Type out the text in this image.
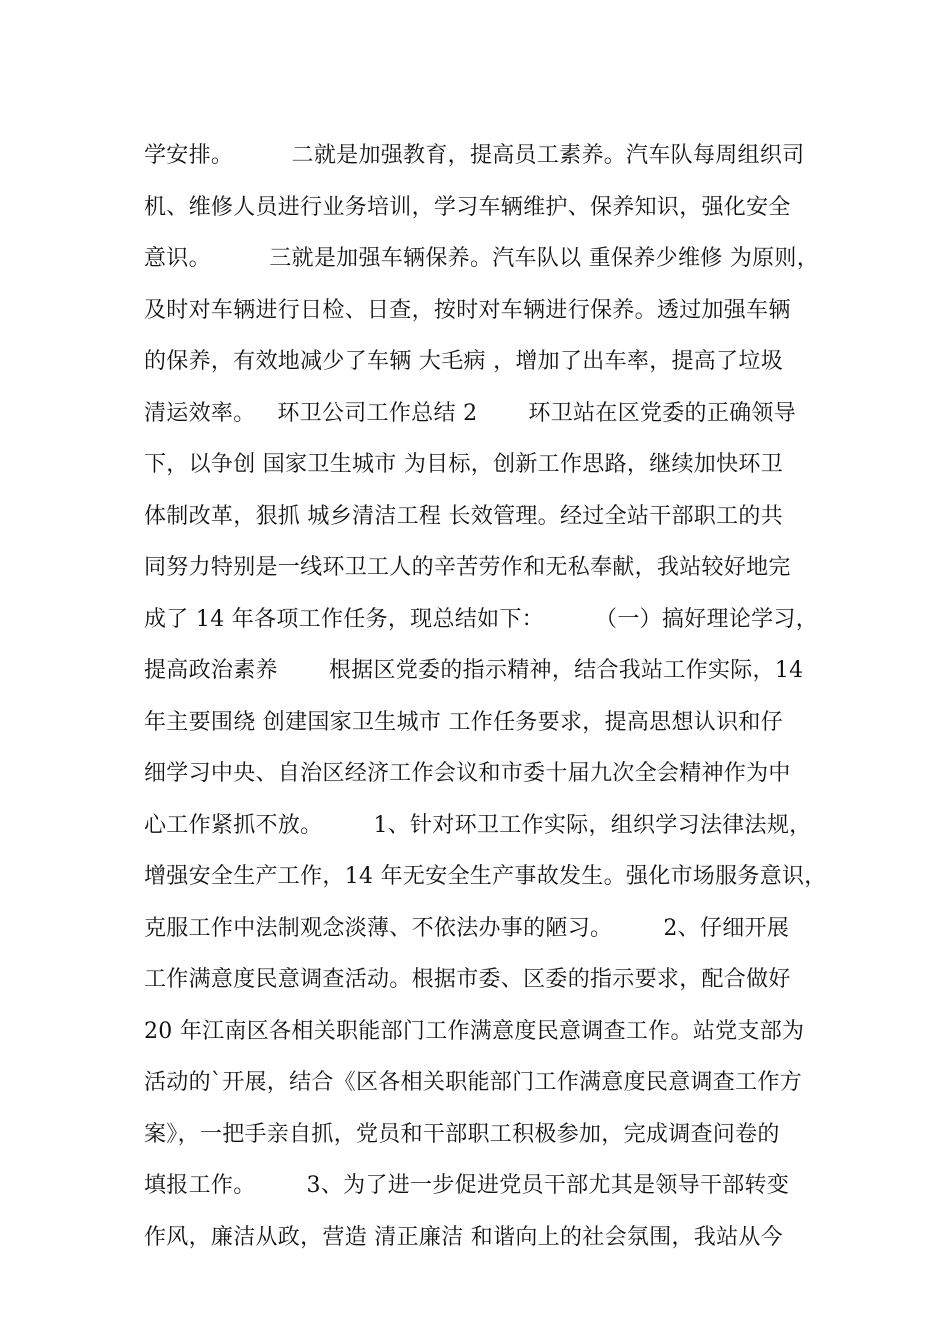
学安排。        二就是加强教育，提高员工素养。汽车队每周组织司
机、维修人员进行业务培训，学习车辆维护、保养知识，强化安全
意识。        三就是加强车辆保养。汽车队以 重保养少维修 为原则，
及时对车辆进行日检、日查，按时对车辆进行保养。透过加强车辆
的保养，有效地减少了车辆 大毛病 ，增加了出车率，提高了垃圾
清运效率。   环卫公司工作总结 2       环卫站在区党委的正确领导
下，以争创 国家卫生城市 为目标，创新工作思路，继续加快环卫
体制改革，狠抓 城乡清洁工程 长效管理。经过全站干部职工的共
同努力特别是一线环卫工人的辛苦劳作和无私奉献，我站较好地完
成了 14 年各项工作任务，现总结如下：       （一）搞好理论学习，
提高政治素养       根据区党委的指示精神，结合我站工作实际，14
年主要围绕 创建国家卫生城市 工作任务要求，提高思想认识和仔
细学习中央、自治区经济工作会议和市委十届九次全会精神作为中
心工作紧抓不放。       1、针对环卫工作实际，组织学习法律法规，
增强安全生产工作，14 年无安全生产事故发生。强化市场服务意识，
克服工作中法制观念淡薄、不依法办事的陋习。       2、仔细开展
工作满意度民意调查活动。根据市委、区委的指示要求，配合做好
20 年江南区各相关职能部门工作满意度民意调查工作。站党支部为
活动的`开展，结合《区各相关职能部门工作满意度民意调查工作方
案》，一把手亲自抓，党员和干部职工积极参加，完成调查问卷的
填报工作。       3、为了进一步促进党员干部尤其是领导干部转变
作风，廉洁从政，营造 清正廉洁 和谐向上的社会氛围，我站从今
